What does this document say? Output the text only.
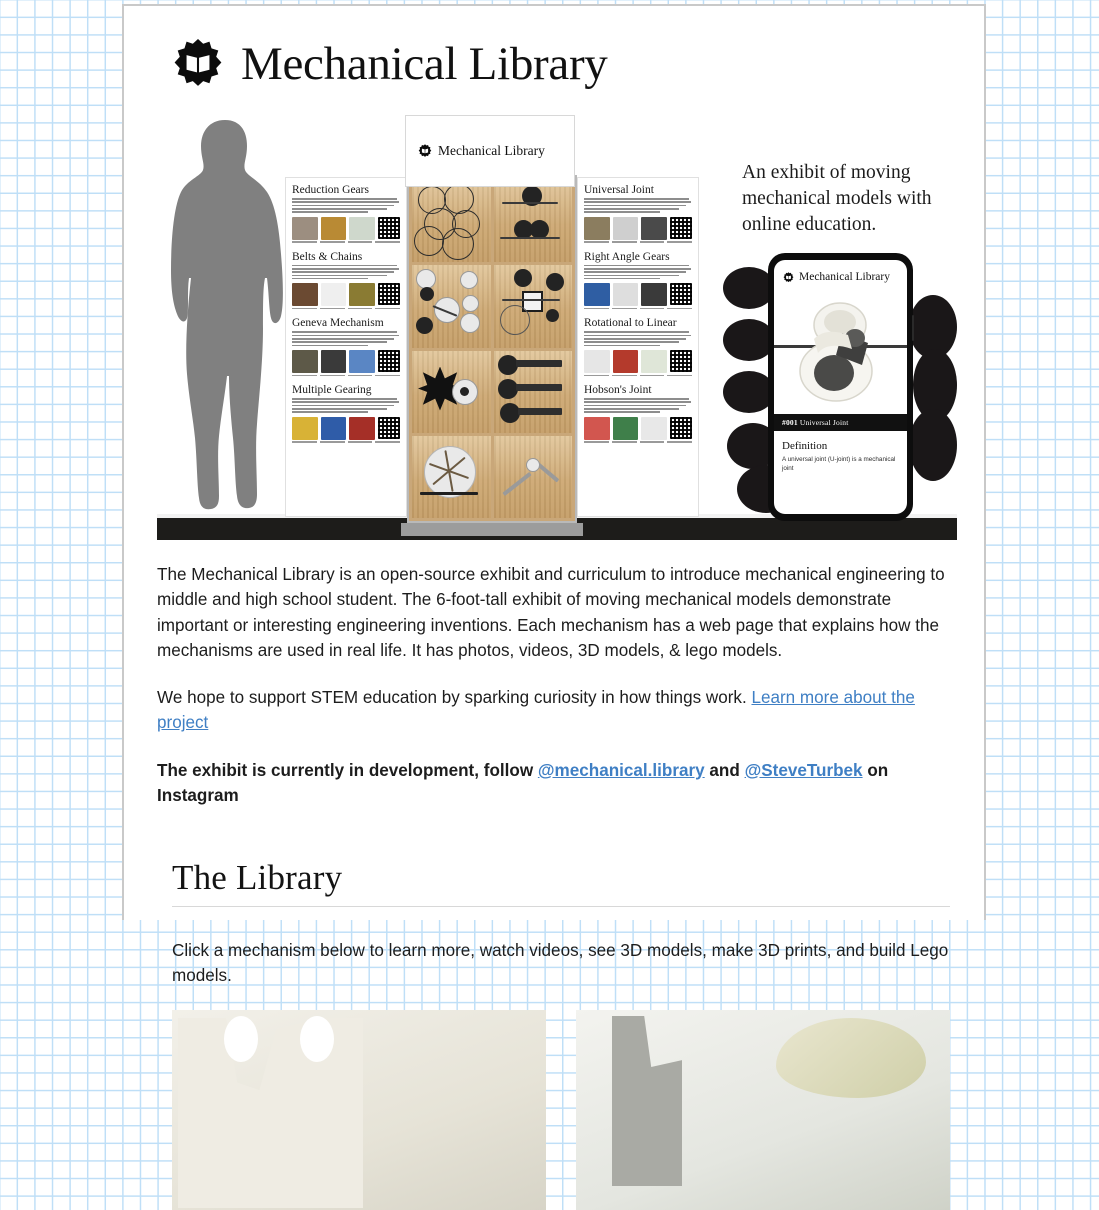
Mechanical Library
Reduction Gears
Belts & Chains
Geneva Mechanism
Multiple Gearing
Universal Joint
Right Angle Gears
Rotational to Linear
Hobson's Joint
Mechanical Library
An exhibit of moving mechanical models with online education.
Mechanical Library
#001 Universal Joint
Definition
A universal joint (U-joint) is a mechanical joint

The Mechanical Library is an open-source exhibit and curriculum to introduce mechanical engineering to middle and high school student. The 6-foot-tall exhibit of moving mechanical models demonstrate important or interesting engineering inventions. Each mechanism has a web page that explains how the mechanisms are used in real life. It has photos, videos, 3D models, & lego models.

We hope to support STEM education by sparking curiosity in how things work. Learn more about the project

The exhibit is currently in development, follow @mechanical.library and @SteveTurbek on Instagram

The Library

Click a mechanism below to learn more, watch videos, see 3D models, make 3D prints, and build Lego models.
